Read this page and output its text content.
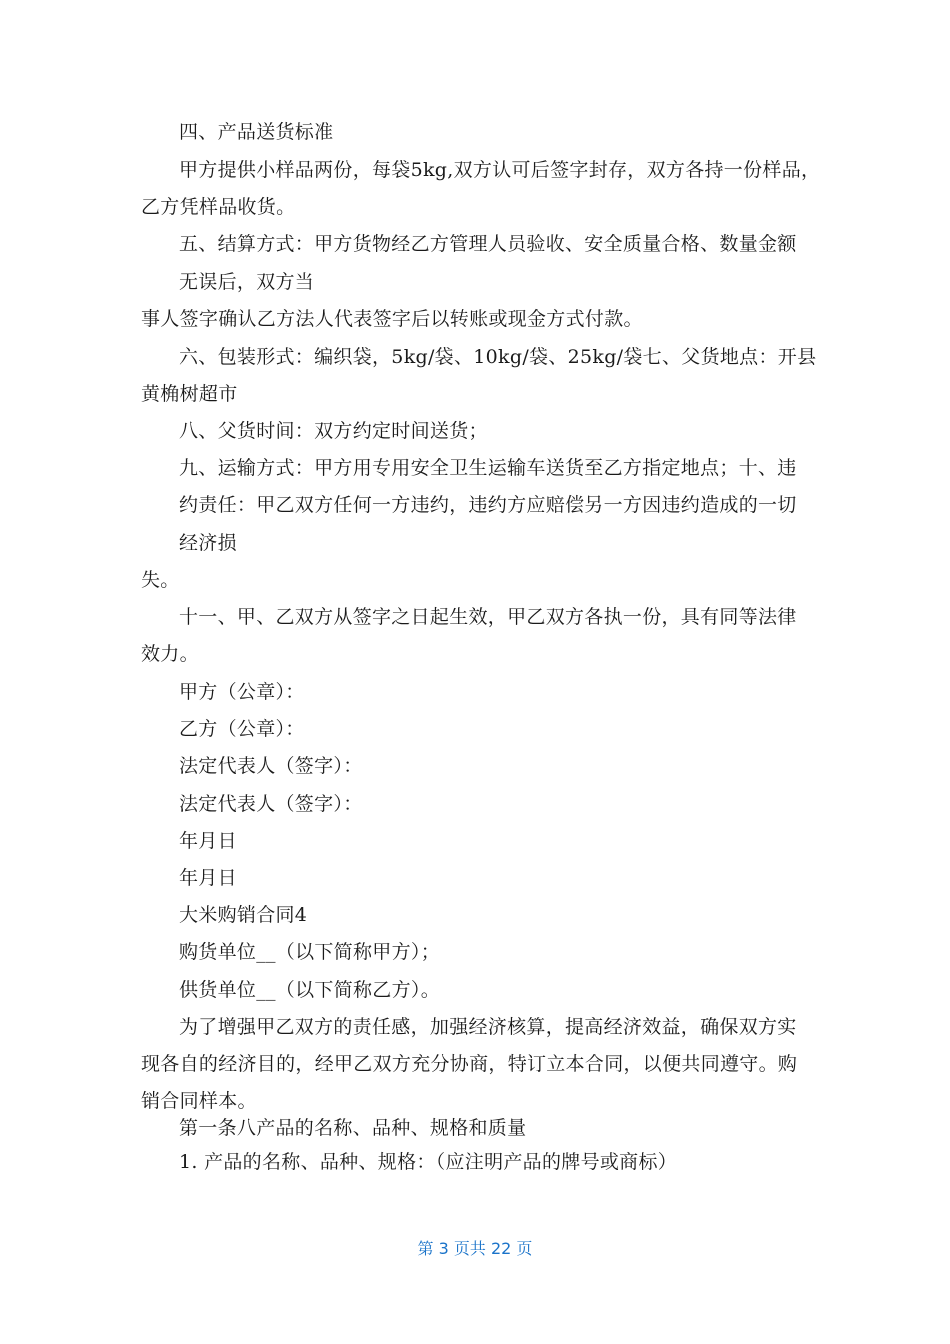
四、产品送货标准
甲方提供小样品两份，每袋5kg,双方认可后签字封存，双方各持一份样品，
乙方凭样品收货。
五、结算方式：甲方货物经乙方管理人员验收、安全质量合格、数量金额
无误后，双方当
事人签字确认乙方法人代表签字后以转账或现金方式付款。
六、包装形式：编织袋，5kg/袋、10kg/袋、25kg/袋七、父货地点：开县
黄桷树超市
八、父货时间：双方约定时间送货；
九、运输方式：甲方用专用安全卫生运输车送货至乙方指定地点；十、违
约责任：甲乙双方任何一方违约，违约方应赔偿另一方因违约造成的一切
经济损
失。
十一、甲、乙双方从签字之日起生效，甲乙双方各执一份，具有同等法律
效力。
甲方（公章）：
乙方（公章）：
法定代表人（签字）：
法定代表人（签字）：
年月日
年月日
大米购销合同4
购货单位__（以下简称甲方）；
供货单位__（以下简称乙方）。
为了增强甲乙双方的责任感，加强经济核算，提高经济效益，确保双方实
现各自的经济目的，经甲乙双方充分协商，特订立本合同，以便共同遵守。购
销合同样本。
第一条八产品的名称、品种、规格和质量
1. 产品的名称、品种、规格：（应注明产品的牌号或商标）
第 3 页共 22 页
